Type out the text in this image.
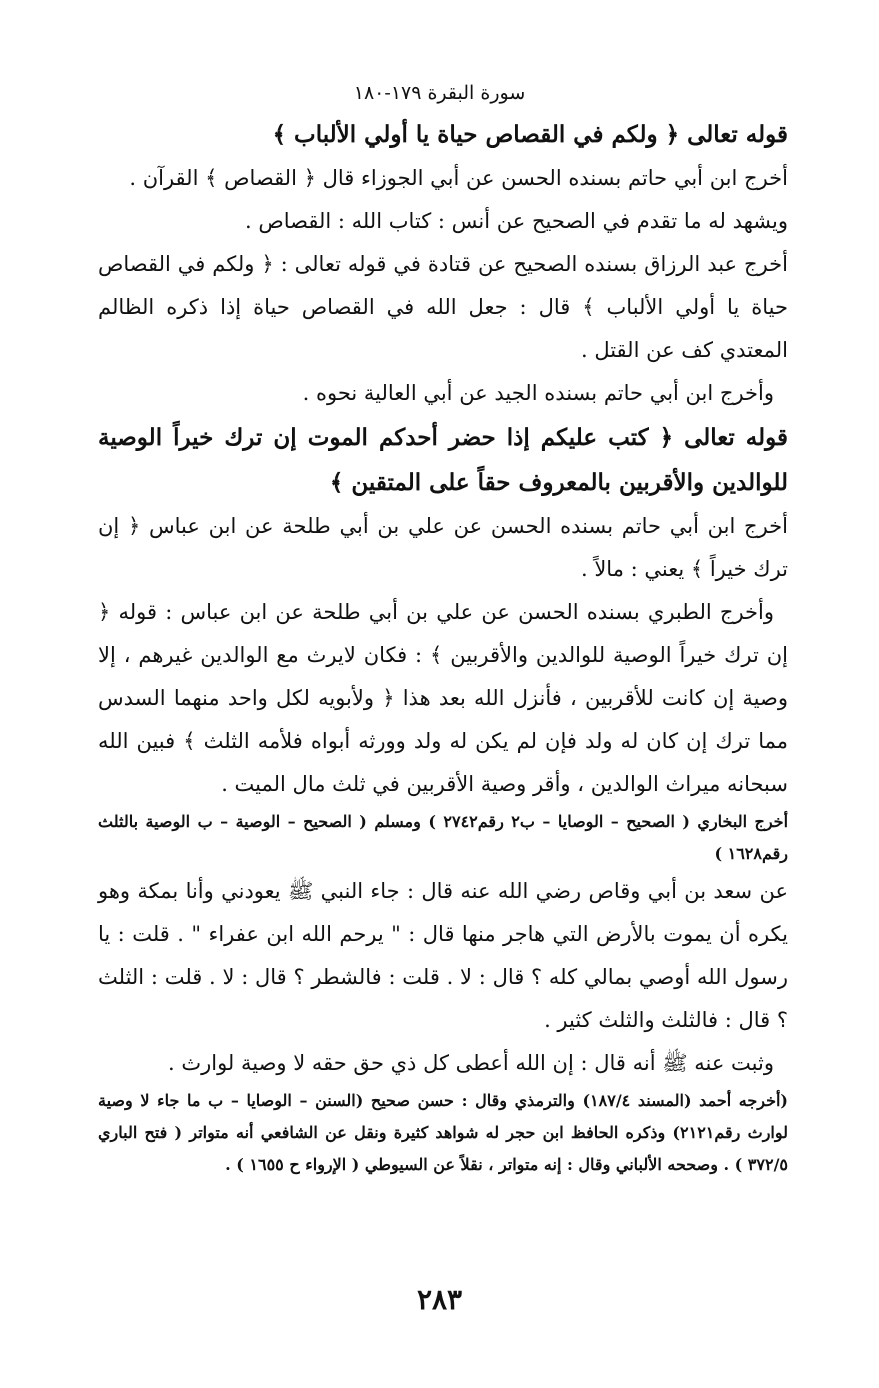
سورة البقرة ١٧٩-١٨٠

قوله تعالى ﴿ ولكم في القصاص حياة يا أولي الألباب ﴾

أخرج ابن أبي حاتم بسنده الحسن عن أبي الجوزاء قال ﴿ القصاص ﴾ القرآن .

ويشهد له ما تقدم في الصحيح عن أنس : كتاب الله : القصاص .

أخرج عبد الرزاق بسنده الصحيح عن قتادة في قوله تعالى : ﴿ ولكم في القصاص حياة يا أولي الألباب ﴾ قال : جعل الله في القصاص حياة إذا ذكره الظالم المعتدي كف عن القتل .

وأخرج ابن أبي حاتم بسنده الجيد عن أبي العالية نحوه .

قوله تعالى ﴿ كتب عليكم إذا حضر أحدكم الموت إن ترك خيراً الوصية للوالدين والأقربين بالمعروف حقاً على المتقين ﴾

أخرج ابن أبي حاتم بسنده الحسن عن علي بن أبي طلحة عن ابن عباس ﴿ إن ترك خيراً ﴾ يعني : مالاً .

وأخرج الطبري بسنده الحسن عن علي بن أبي طلحة عن ابن عباس : قوله ﴿ إن ترك خيراً الوصية للوالدين والأقربين ﴾ : فكان لايرث مع الوالدين غيرهم ، إلا وصية إن كانت للأقربين ، فأنزل الله بعد هذا ﴿ ولأبويه لكل واحد منهما السدس مما ترك إن كان له ولد فإن لم يكن له ولد وورثه أبواه فلأمه الثلث ﴾ فبين الله سبحانه ميراث الوالدين ، وأقر وصية الأقربين في ثلث مال الميت .

أخرج البخاري ( الصحيح – الوصايا – ب٢ رقم٢٧٤٢ ) ومسلم ( الصحيح – الوصية – ب الوصية بالثلث رقم١٦٢٨ )

عن سعد بن أبي وقاص رضي الله عنه قال : جاء النبي ﷺ يعودني وأنا بمكة وهو يكره أن يموت بالأرض التي هاجر منها قال : " يرحم الله ابن عفراء " . قلت : يا رسول الله أوصي بمالي كله ؟ قال : لا . قلت : فالشطر ؟ قال : لا . قلت : الثلث ؟ قال : فالثلث والثلث كثير .

وثبت عنه ﷺ أنه قال : إن الله أعطى كل ذي حق حقه لا وصية لوارث .

(أخرجه أحمد (المسند ١٨٧/٤) والترمذي وقال : حسن صحيح (السنن – الوصايا – ب ما جاء لا وصية لوارث رقم٢١٢١) وذكره الحافظ ابن حجر له شواهد كثيرة ونقل عن الشافعي أنه متواتر ( فتح الباري ٣٧٢/٥ ) . وصححه الألباني وقال : إنه متواتر ، نقلاً عن السيوطي ( الإرواء ح ١٦٥٥ ) .

٢٨٣
